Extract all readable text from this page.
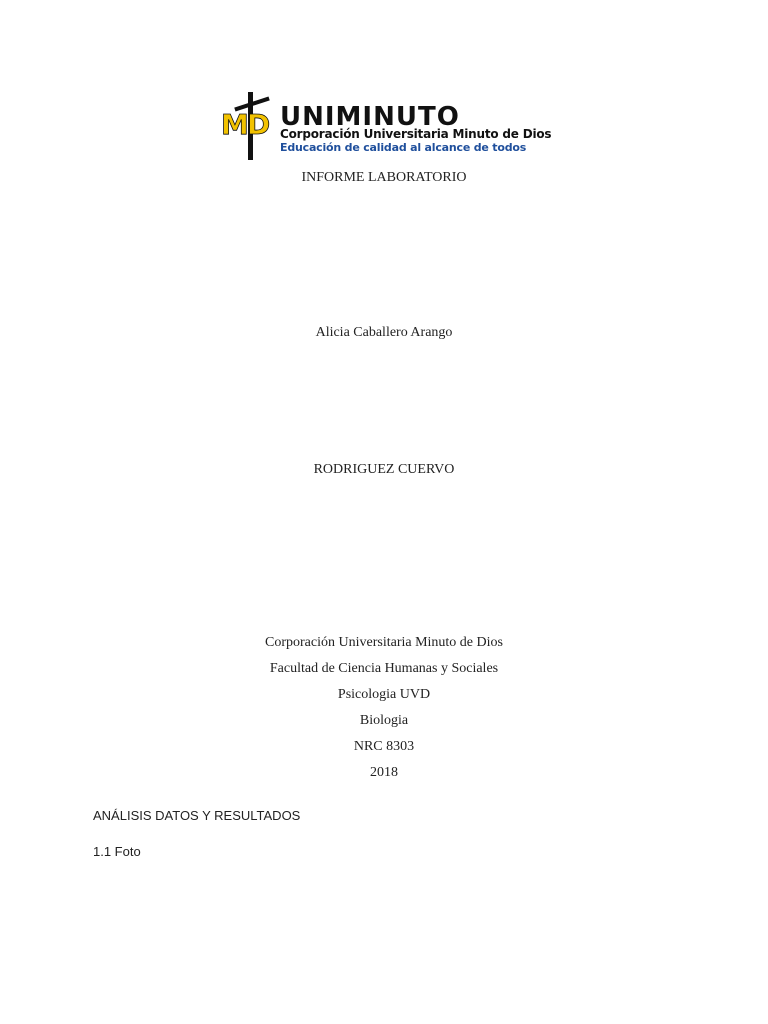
M
D UNIMINUTO
Corporación Universitaria Minuto de Dios
Educación de calidad al alcance de todos
INFORME LABORATORIO
Alicia Caballero Arango
RODRIGUEZ CUERVO
Corporación Universitaria Minuto de Dios
Facultad de Ciencia Humanas y Sociales
Psicologia UVD
Biologia
NRC 8303
2018
ANÁLISIS DATOS Y RESULTADOS
1.1 Foto
